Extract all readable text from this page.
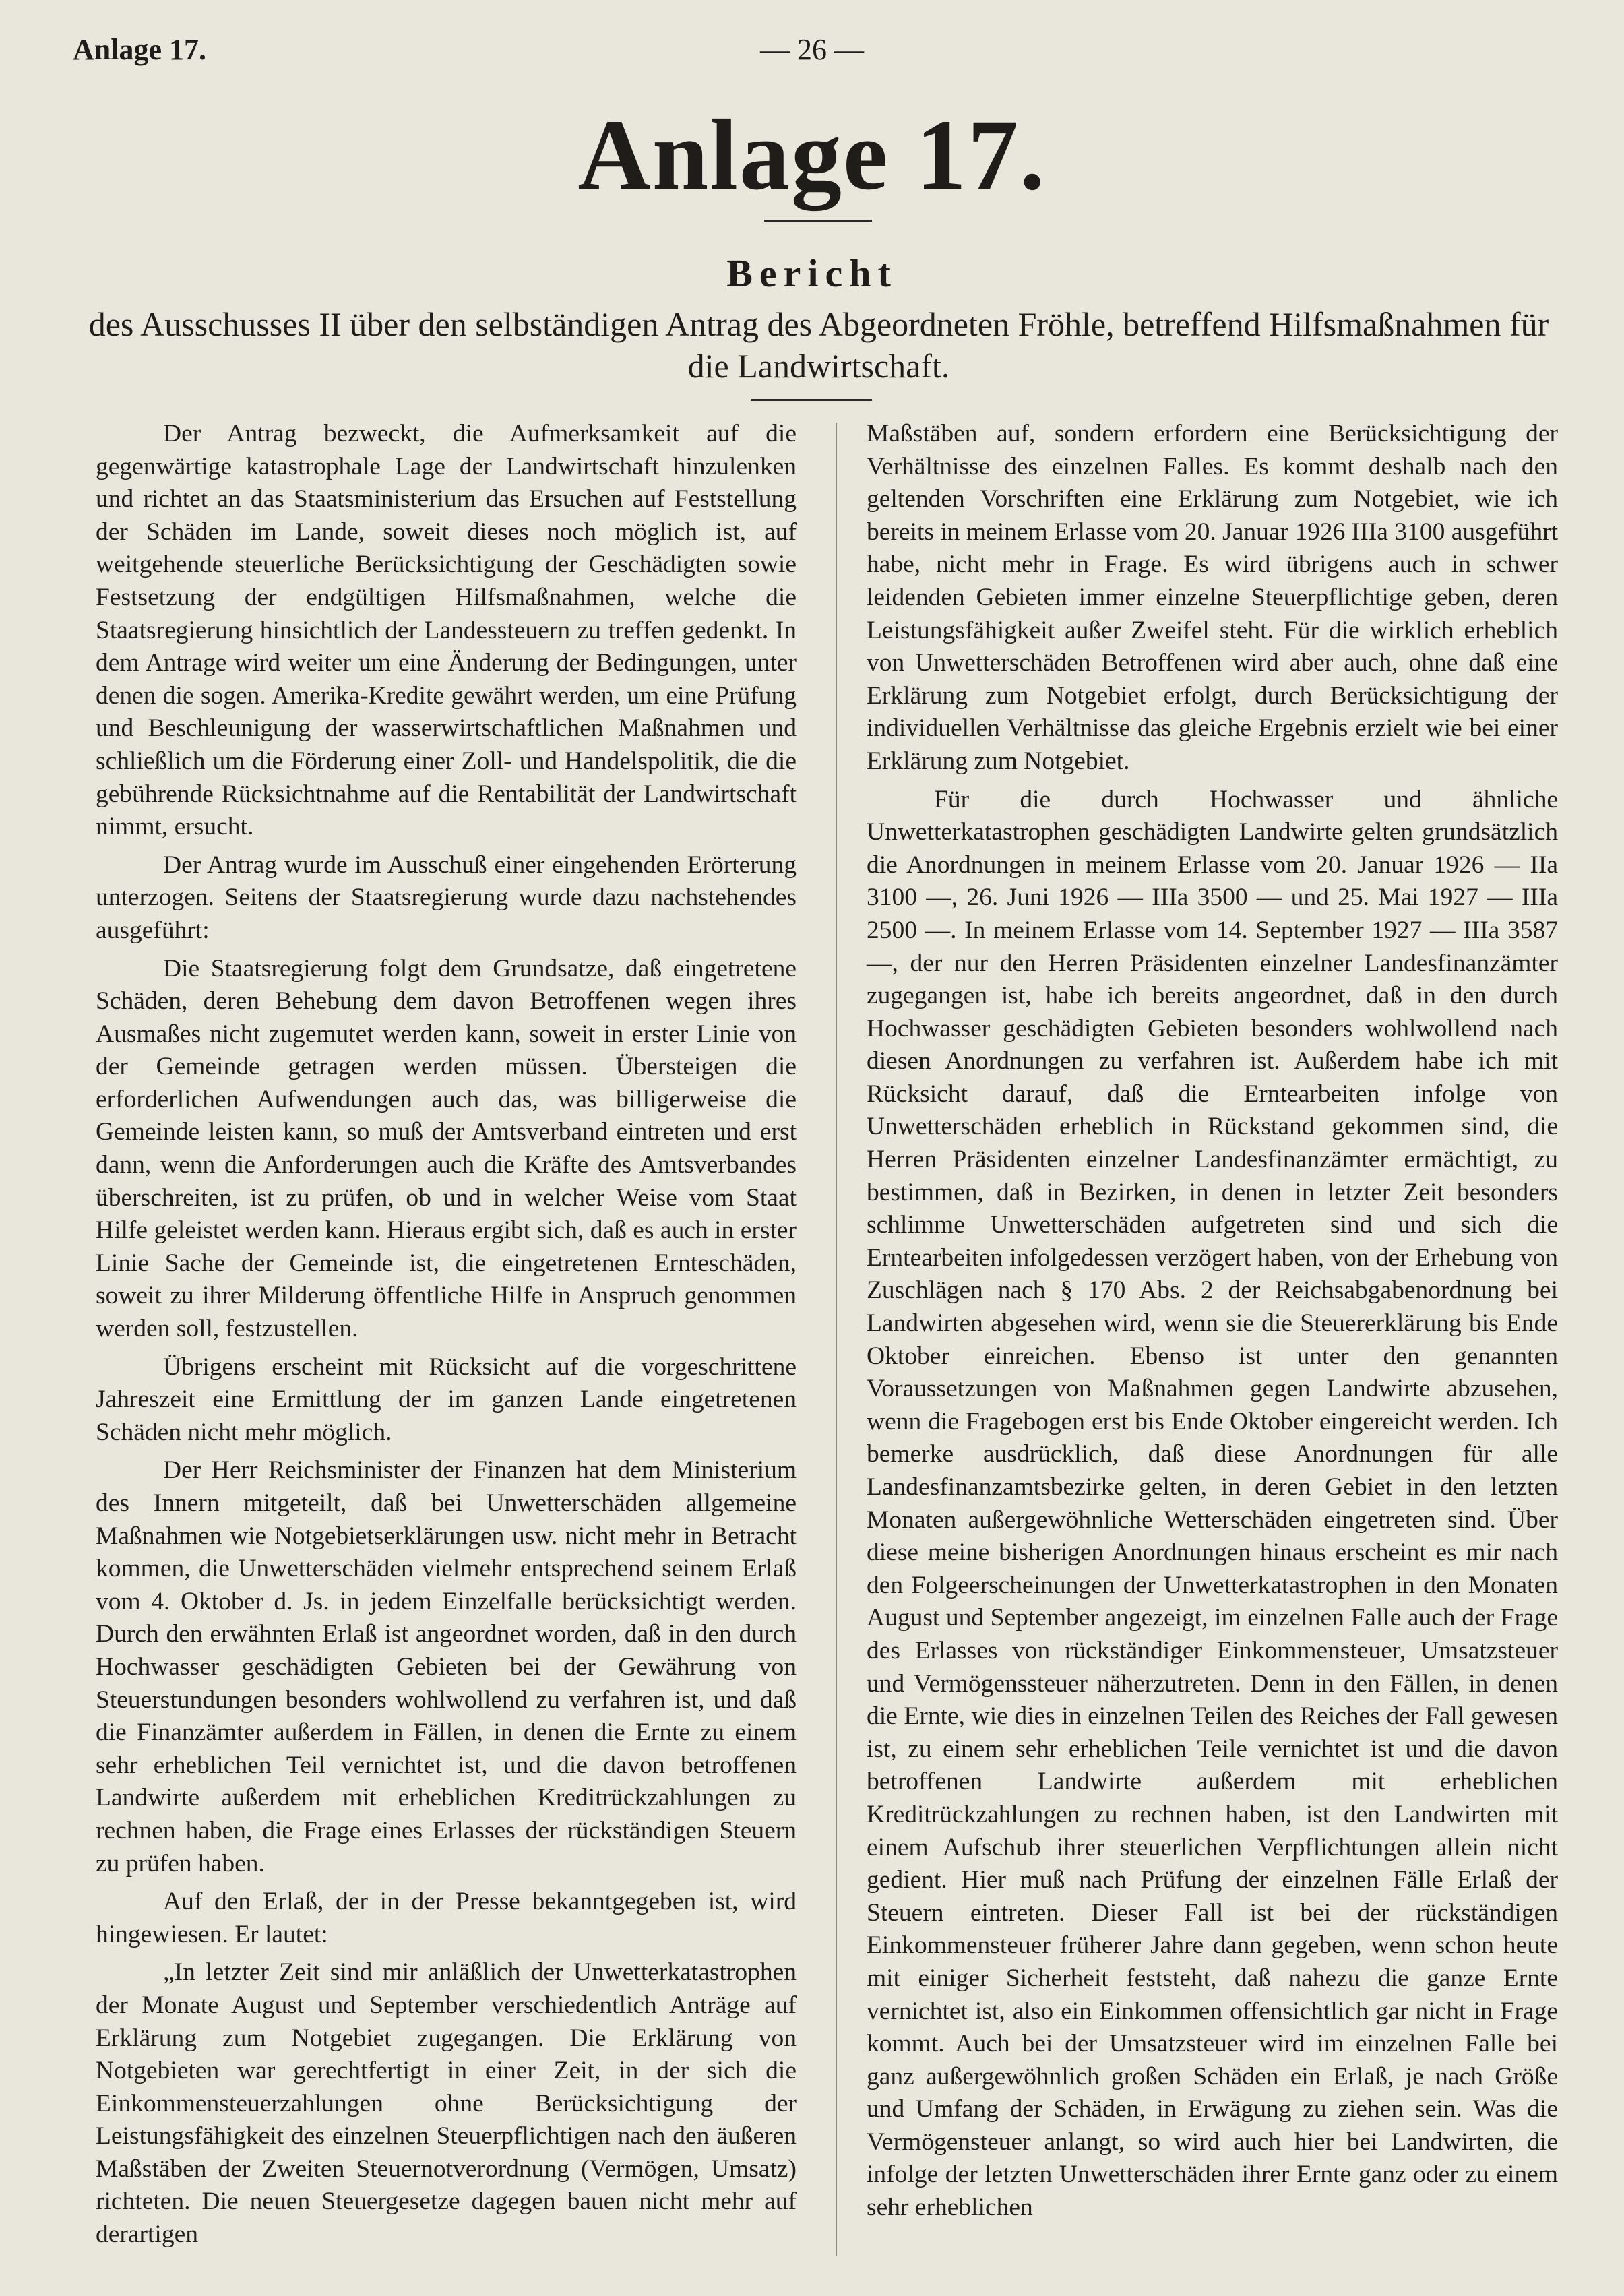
Anlage 17.	— 26 —
Anlage 17.
Bericht
des Ausschusses II über den selbständigen Antrag des Abgeordneten Fröhle, betreffend Hilfsmaßnahmen für die Landwirtschaft.

Der Antrag bezweckt, die Aufmerksamkeit auf die gegenwärtige katastrophale Lage der Landwirtschaft hinzulenken und richtet an das Staatsministerium das Ersuchen auf Feststellung der Schäden im Lande, soweit dieses noch möglich ist, auf weitgehende steuerliche Berücksichtigung der Geschädigten sowie Festsetzung der endgültigen Hilfsmaßnahmen, welche die Staatsregierung hinsichtlich der Landessteuern zu treffen gedenkt. In dem Antrage wird weiter um eine Änderung der Bedingungen, unter denen die sogen. Amerika-Kredite gewährt werden, um eine Prüfung und Beschleunigung der wasserwirtschaftlichen Maßnahmen und schließlich um die Förderung einer Zoll- und Handelspolitik, die die gebührende Rücksichtnahme auf die Rentabilität der Landwirtschaft nimmt, ersucht.

Der Antrag wurde im Ausschuß einer eingehenden Erörterung unterzogen. Seitens der Staatsregierung wurde dazu nachstehendes ausgeführt:

Die Staatsregierung folgt dem Grundsatze, daß eingetretene Schäden, deren Behebung dem davon Betroffenen wegen ihres Ausmaßes nicht zugemutet werden kann, soweit in erster Linie von der Gemeinde getragen werden müssen. Übersteigen die erforderlichen Aufwendungen auch das, was billigerweise die Gemeinde leisten kann, so muß der Amtsverband eintreten und erst dann, wenn die Anforderungen auch die Kräfte des Amtsverbandes überschreiten, ist zu prüfen, ob und in welcher Weise vom Staat Hilfe geleistet werden kann. Hieraus ergibt sich, daß es auch in erster Linie Sache der Gemeinde ist, die eingetretenen Ernteschäden, soweit zu ihrer Milderung öffentliche Hilfe in Anspruch genommen werden soll, festzustellen.

Übrigens erscheint mit Rücksicht auf die vorgeschrittene Jahreszeit eine Ermittlung der im ganzen Lande eingetretenen Schäden nicht mehr möglich.

Der Herr Reichsminister der Finanzen hat dem Ministerium des Innern mitgeteilt, daß bei Unwetterschäden allgemeine Maßnahmen wie Notgebietserklärungen usw. nicht mehr in Betracht kommen, die Unwetterschäden vielmehr entsprechend seinem Erlaß vom 4. Oktober d. Js. in jedem Einzelfalle berücksichtigt werden. Durch den erwähnten Erlaß ist angeordnet worden, daß in den durch Hochwasser geschädigten Gebieten bei der Gewährung von Steuerstundungen besonders wohlwollend zu verfahren ist, und daß die Finanzämter außerdem in Fällen, in denen die Ernte zu einem sehr erheblichen Teil vernichtet ist, und die davon betroffenen Landwirte außerdem mit erheblichen Kreditrückzahlungen zu rechnen haben, die Frage eines Erlasses der rückständigen Steuern zu prüfen haben.

Auf den Erlaß, der in der Presse bekanntgegeben ist, wird hingewiesen. Er lautet:

„In letzter Zeit sind mir anläßlich der Unwetterkatastrophen der Monate August und September verschiedentlich Anträge auf Erklärung zum Notgebiet zugegangen. Die Erklärung von Notgebieten war gerechtfertigt in einer Zeit, in der sich die Einkommensteuerzahlungen ohne Berücksichtigung der Leistungsfähigkeit des einzelnen Steuerpflichtigen nach den äußeren Maßstäben der Zweiten Steuernotverordnung (Vermögen, Umsatz) richteten. Die neuen Steuergesetze dagegen bauen nicht mehr auf derartigen

Maßstäben auf, sondern erfordern eine Berücksichtigung der Verhältnisse des einzelnen Falles. Es kommt deshalb nach den geltenden Vorschriften eine Erklärung zum Notgebiet, wie ich bereits in meinem Erlasse vom 20. Januar 1926 IIIa 3100 ausgeführt habe, nicht mehr in Frage. Es wird übrigens auch in schwer leidenden Gebieten immer einzelne Steuerpflichtige geben, deren Leistungsfähigkeit außer Zweifel steht. Für die wirklich erheblich von Unwetterschäden Betroffenen wird aber auch, ohne daß eine Erklärung zum Notgebiet erfolgt, durch Berücksichtigung der individuellen Verhältnisse das gleiche Ergebnis erzielt wie bei einer Erklärung zum Notgebiet.

Für die durch Hochwasser und ähnliche Unwetterkatastrophen geschädigten Landwirte gelten grundsätzlich die Anordnungen in meinem Erlasse vom 20. Januar 1926 — IIa 3100 —, 26. Juni 1926 — IIIa 3500 — und 25. Mai 1927 — IIIa 2500 —. In meinem Erlasse vom 14. September 1927 — IIIa 3587 —, der nur den Herren Präsidenten einzelner Landesfinanzämter zugegangen ist, habe ich bereits angeordnet, daß in den durch Hochwasser geschädigten Gebieten besonders wohlwollend nach diesen Anordnungen zu verfahren ist. Außerdem habe ich mit Rücksicht darauf, daß die Erntearbeiten infolge von Unwetterschäden erheblich in Rückstand gekommen sind, die Herren Präsidenten einzelner Landesfinanzämter ermächtigt, zu bestimmen, daß in Bezirken, in denen in letzter Zeit besonders schlimme Unwetterschäden aufgetreten sind und sich die Erntearbeiten infolgedessen verzögert haben, von der Erhebung von Zuschlägen nach § 170 Abs. 2 der Reichsabgabenordnung bei Landwirten abgesehen wird, wenn sie die Steuererklärung bis Ende Oktober einreichen. Ebenso ist unter den genannten Voraussetzungen von Maßnahmen gegen Landwirte abzusehen, wenn die Fragebogen erst bis Ende Oktober eingereicht werden. Ich bemerke ausdrücklich, daß diese Anordnungen für alle Landesfinanzamtsbezirke gelten, in deren Gebiet in den letzten Monaten außergewöhnliche Wetterschäden eingetreten sind. Über diese meine bisherigen Anordnungen hinaus erscheint es mir nach den Folgeerscheinungen der Unwetterkatastrophen in den Monaten August und September angezeigt, im einzelnen Falle auch der Frage des Erlasses von rückständiger Einkommensteuer, Umsatzsteuer und Vermögenssteuer näherzutreten. Denn in den Fällen, in denen die Ernte, wie dies in einzelnen Teilen des Reiches der Fall gewesen ist, zu einem sehr erheblichen Teile vernichtet ist und die davon betroffenen Landwirte außerdem mit erheblichen Kreditrückzahlungen zu rechnen haben, ist den Landwirten mit einem Aufschub ihrer steuerlichen Verpflichtungen allein nicht gedient. Hier muß nach Prüfung der einzelnen Fälle Erlaß der Steuern eintreten. Dieser Fall ist bei der rückständigen Einkommensteuer früherer Jahre dann gegeben, wenn schon heute mit einiger Sicherheit feststeht, daß nahezu die ganze Ernte vernichtet ist, also ein Einkommen offensichtlich gar nicht in Frage kommt. Auch bei der Umsatzsteuer wird im einzelnen Falle bei ganz außergewöhnlich großen Schäden ein Erlaß, je nach Größe und Umfang der Schäden, in Erwägung zu ziehen sein. Was die Vermögensteuer anlangt, so wird auch hier bei Landwirten, die infolge der letzten Unwetterschäden ihrer Ernte ganz oder zu einem sehr erheblichen
